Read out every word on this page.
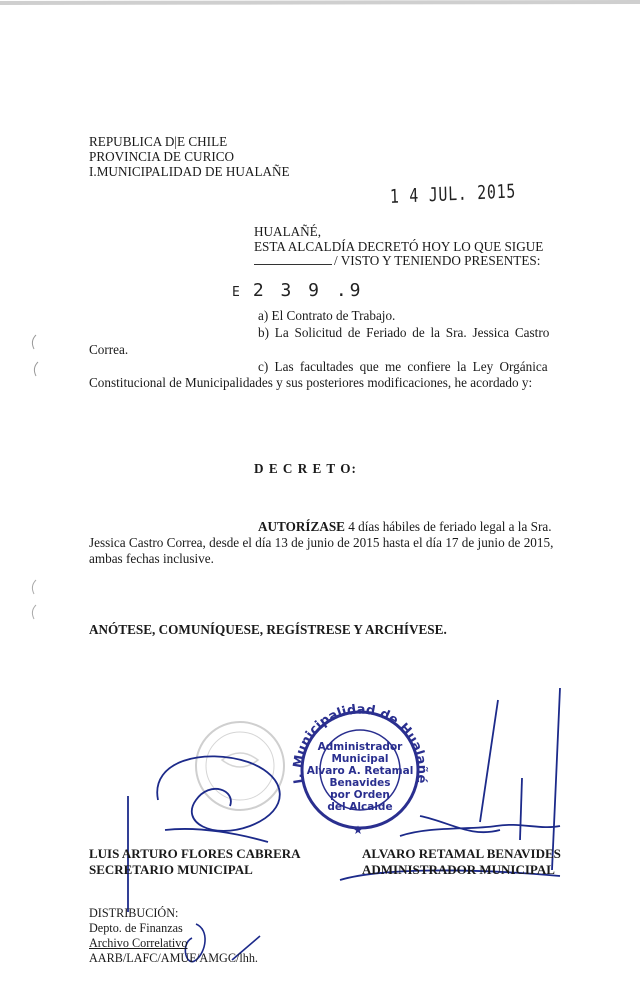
REPUBLICA D|E CHILE
PROVINCIA DE CURICO
I.MUNICIPALIDAD DE HUALAÑE
1 4 JUL. 2015
HUALAÑÉ,
ESTA ALCALDÍA DECRETÓ HOY LO QUE SIGUE
/ VISTO Y TENIENDO PRESENTES:
E 2 3 9 .9
a) El Contrato de Trabajo.
b) La Solicitud de Feriado de la Sra. Jessica Castro
Correa.
c) Las facultades que me confiere la Ley Orgánica
Constitucional de Municipalidades y sus posteriores modificaciones, he acordado y:
D E C R E T O:
AUTORÍZASE 4 días hábiles de feriado legal a la Sra.
Jessica Castro Correa, desde el día 13 de junio de 2015 hasta el día 17 de junio de 2015,
ambas fechas inclusive.
ANÓTESE, COMUNÍQUESE, REGÍSTRESE Y ARCHÍVESE.
I. Municipalidad de Hualañé
Administrador
Municipal
Alvaro A. Retamal
Benavides
por Orden
del Alcalde
★
LUIS ARTURO FLORES CABRERA
SECRETARIO MUNICIPAL
ALVARO RETAMAL BENAVIDES
ADMINISTRADOR MUNICIPAL
DISTRIBUCIÓN:
Depto. de Finanzas
Archivo Correlativo
AARB/LAFC/AMUF/AMGC/lhh.
